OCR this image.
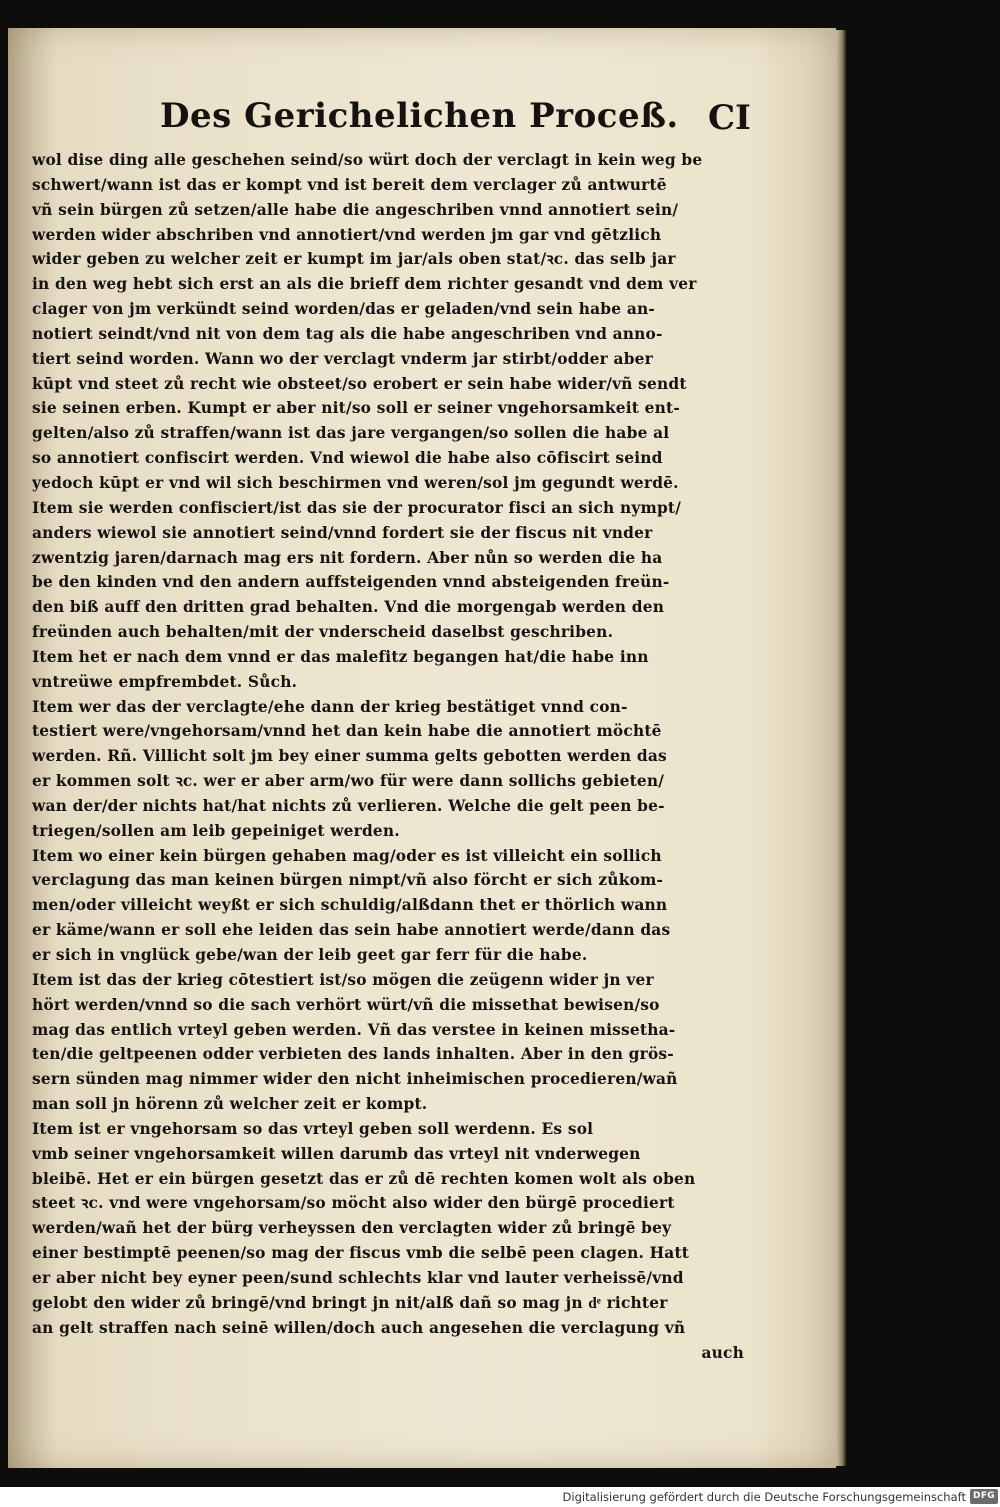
Des Gerichelichen Proceß. CI
wol dise ding alle geschehen seind/so würt doch der verclagt in kein weg be
schwert/wann ist das er kompt vnd ist bereit dem verclager zů antwurtē
vñ sein bürgen zů setzen/alle habe die angeschriben vnnd annotiert sein/
werden wider abschriben vnd annotiert/vnd werden jm gar vnd gētzlich
wider geben zu welcher zeit er kumpt im jar/als oben stat/ꝛc. das selb jar
in den weg hebt sich erst an als die brieff dem richter gesandt vnd dem ver
clager von jm verkündt seind worden/das er geladen/vnd sein habe an-
notiert seindt/vnd nit von dem tag als die habe angeschriben vnd anno-
tiert seind worden. Wann wo der verclagt vnderm jar stirbt/odder aber
kūpt vnd steet zů recht wie obsteet/so erobert er sein habe wider/vñ sendt
sie seinen erben. Kumpt er aber nit/so soll er seiner vngehorsamkeit ent-
gelten/also zů straffen/wann ist das jare vergangen/so sollen die habe al
so annotiert confiscirt werden. Vnd wiewol die habe also cōfiscirt seind
yedoch kūpt er vnd wil sich beschirmen vnd weren/sol jm gegundt werdē.
Item sie werden confisciert/ist das sie der procurator fisci an sich nympt/
anders wiewol sie annotiert seind/vnnd fordert sie der fiscus nit vnder
zwentzig jaren/darnach mag ers nit fordern. Aber nůn so werden die ha
be den kinden vnd den andern auffsteigenden vnnd absteigenden freün-
den biß auff den dritten grad behalten. Vnd die morgengab werden den
freünden auch behalten/mit der vnderscheid daselbst geschriben.
Item het er nach dem vnnd er das malefitz begangen hat/die habe inn
vntreüwe empfrembdet. Sůch.
Item wer das der verclagte/ehe dann der krieg bestätiget vnnd con-
testiert were/vngehorsam/vnnd het dan kein habe die annotiert möchtē
werden. Rñ. Villicht solt jm bey einer summa gelts gebotten werden das
er kommen solt ꝛc. wer er aber arm/wo für were dann sollichs gebieten/
wan der/der nichts hat/hat nichts zů verlieren. Welche die gelt peen be-
triegen/sollen am leib gepeiniget werden.
Item wo einer kein bürgen gehaben mag/oder es ist villeicht ein sollich
verclagung das man keinen bürgen nimpt/vñ also förcht er sich zůkom-
men/oder villeicht weyßt er sich schuldig/alßdann thet er thörlich wann
er käme/wann er soll ehe leiden das sein habe annotiert werde/dann das
er sich in vnglück gebe/wan der leib geet gar ferr für die habe.
Item ist das der krieg cōtestiert ist/so mögen die zeügenn wider jn ver
hört werden/vnnd so die sach verhört würt/vñ die missethat bewisen/so
mag das entlich vrteyl geben werden. Vñ das verstee in keinen missetha-
ten/die geltpeenen odder verbieten des lands inhalten. Aber in den grös-
sern sünden mag nimmer wider den nicht inheimischen procedieren/wañ
man soll jn hörenn zů welcher zeit er kompt.
Item ist er vngehorsam so das vrteyl geben soll werdenn. Es sol
vmb seiner vngehorsamkeit willen darumb das vrteyl nit vnderwegen
bleibē. Het er ein bürgen gesetzt das er zů dē rechten komen wolt als oben
steet ꝛc. vnd were vngehorsam/so möcht also wider den bürgē procediert
werden/wañ het der bürg verheyssen den verclagten wider zů bringē bey
einer bestimptē peenen/so mag der fiscus vmb die selbē peen clagen. Hatt
er aber nicht bey eyner peen/sund schlechts klar vnd lauter verheissē/vnd
gelobt den wider zů bringē/vnd bringt jn nit/alß dañ so mag jn dͤ richter
an gelt straffen nach seinē willen/doch auch angesehen die verclagung vñ
auch
Digitalisierung gefördert durch die Deutsche Forschungsgemeinschaft DFG
